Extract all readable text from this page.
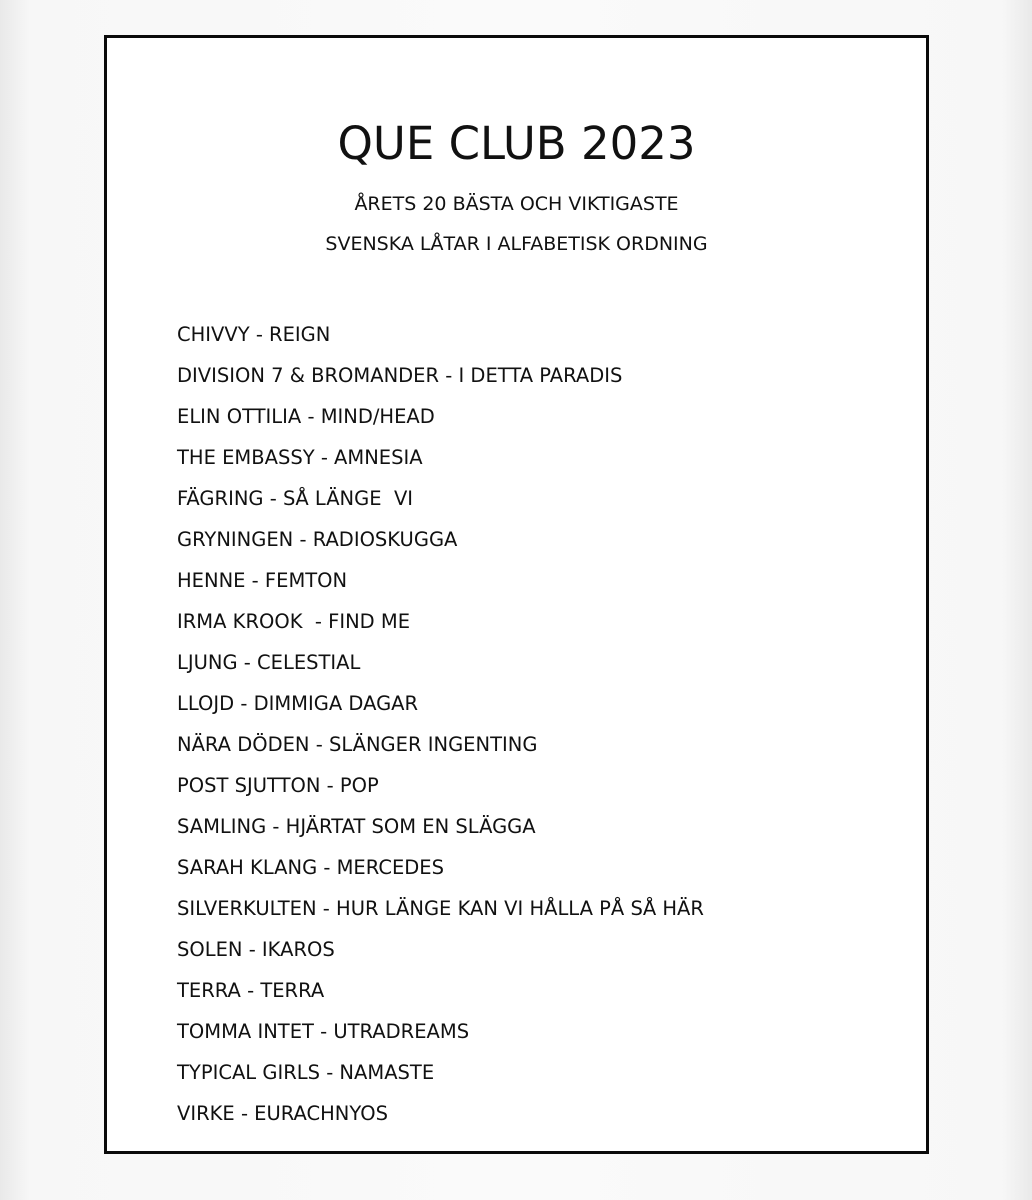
QUE CLUB 2023

ÅRETS 20 BÄSTA OCH VIKTIGASTE

SVENSKA LÅTAR I ALFABETISK ORDNING

CHIVVY - REIGN
DIVISION 7 & BROMANDER - I DETTA PARADIS
ELIN OTTILIA - MIND/HEAD
THE EMBASSY - AMNESIA
FÄGRING - SÅ LÄNGE  VI
GRYNINGEN - RADIOSKUGGA
HENNE - FEMTON
IRMA KROOK  - FIND ME
LJUNG - CELESTIAL
LLOJD - DIMMIGA DAGAR
NÄRA DÖDEN - SLÄNGER INGENTING
POST SJUTTON - POP
SAMLING - HJÄRTAT SOM EN SLÄGGA
SARAH KLANG - MERCEDES
SILVERKULTEN - HUR LÄNGE KAN VI HÅLLA PÅ SÅ HÄR
SOLEN - IKAROS
TERRA - TERRA
TOMMA INTET - UTRADREAMS
TYPICAL GIRLS - NAMASTE
VIRKE - EURACHNYOS
